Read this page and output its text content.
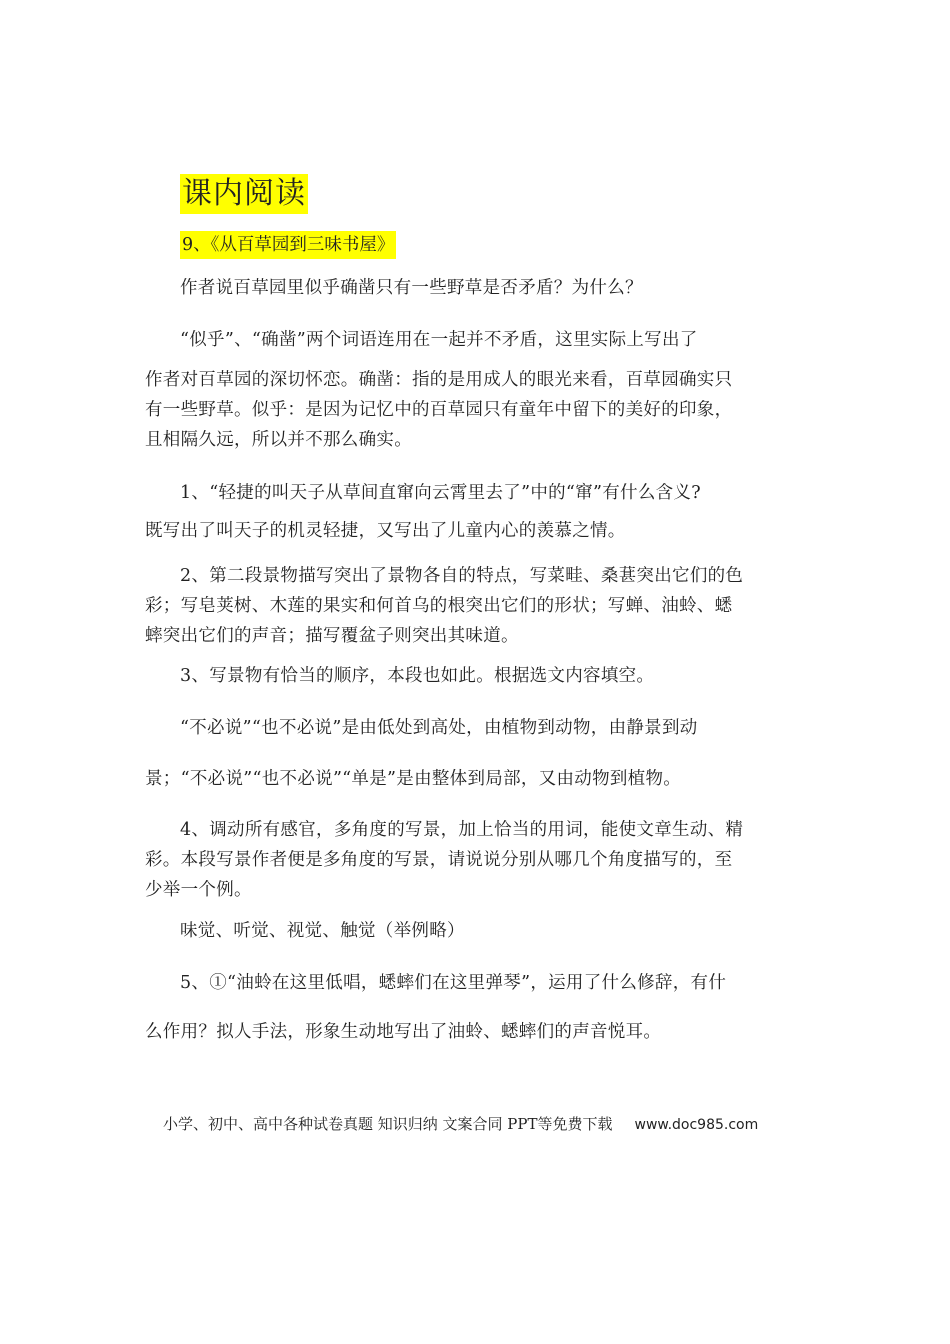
课内阅读
9、《从百草园到三味书屋》
作者说百草园里似乎确凿只有一些野草是否矛盾？为什么？
“似乎”、“确凿”两个词语连用在一起并不矛盾，这里实际上写出了
作者对百草园的深切怀恋。确凿：指的是用成人的眼光来看，百草园确实只
有一些野草。似乎：是因为记忆中的百草园只有童年中留下的美好的印象，
且相隔久远，所以并不那么确实。
1、“轻捷的叫天子从草间直窜向云霄里去了”中的“窜”有什么含义?
既写出了叫天子的机灵轻捷，又写出了儿童内心的羡慕之情。
2、第二段景物描写突出了景物各自的特点，写菜畦、桑葚突出它们的色
彩；写皂荚树、木莲的果实和何首乌的根突出它们的形状；写蝉、油蛉、蟋
蟀突出它们的声音；描写覆盆子则突出其味道。
3、写景物有恰当的顺序，本段也如此。根据选文内容填空。
“不必说”“也不必说”是由低处到高处，由植物到动物，由静景到动
景；“不必说”“也不必说”“单是”是由整体到局部，又由动物到植物。
4、调动所有感官，多角度的写景，加上恰当的用词，能使文章生动、精
彩。本段写景作者便是多角度的写景，请说说分别从哪几个角度描写的，至
少举一个例。
味觉、听觉、视觉、触觉（举例略）
5、①“油蛉在这里低唱，蟋蟀们在这里弹琴”，运用了什么修辞，有什
么作用？拟人手法，形象生动地写出了油蛉、蟋蟀们的声音悦耳。
小学、初中、高中各种试卷真题 知识归纳 文案合同 PPT等免费下载 www.doc985.com
